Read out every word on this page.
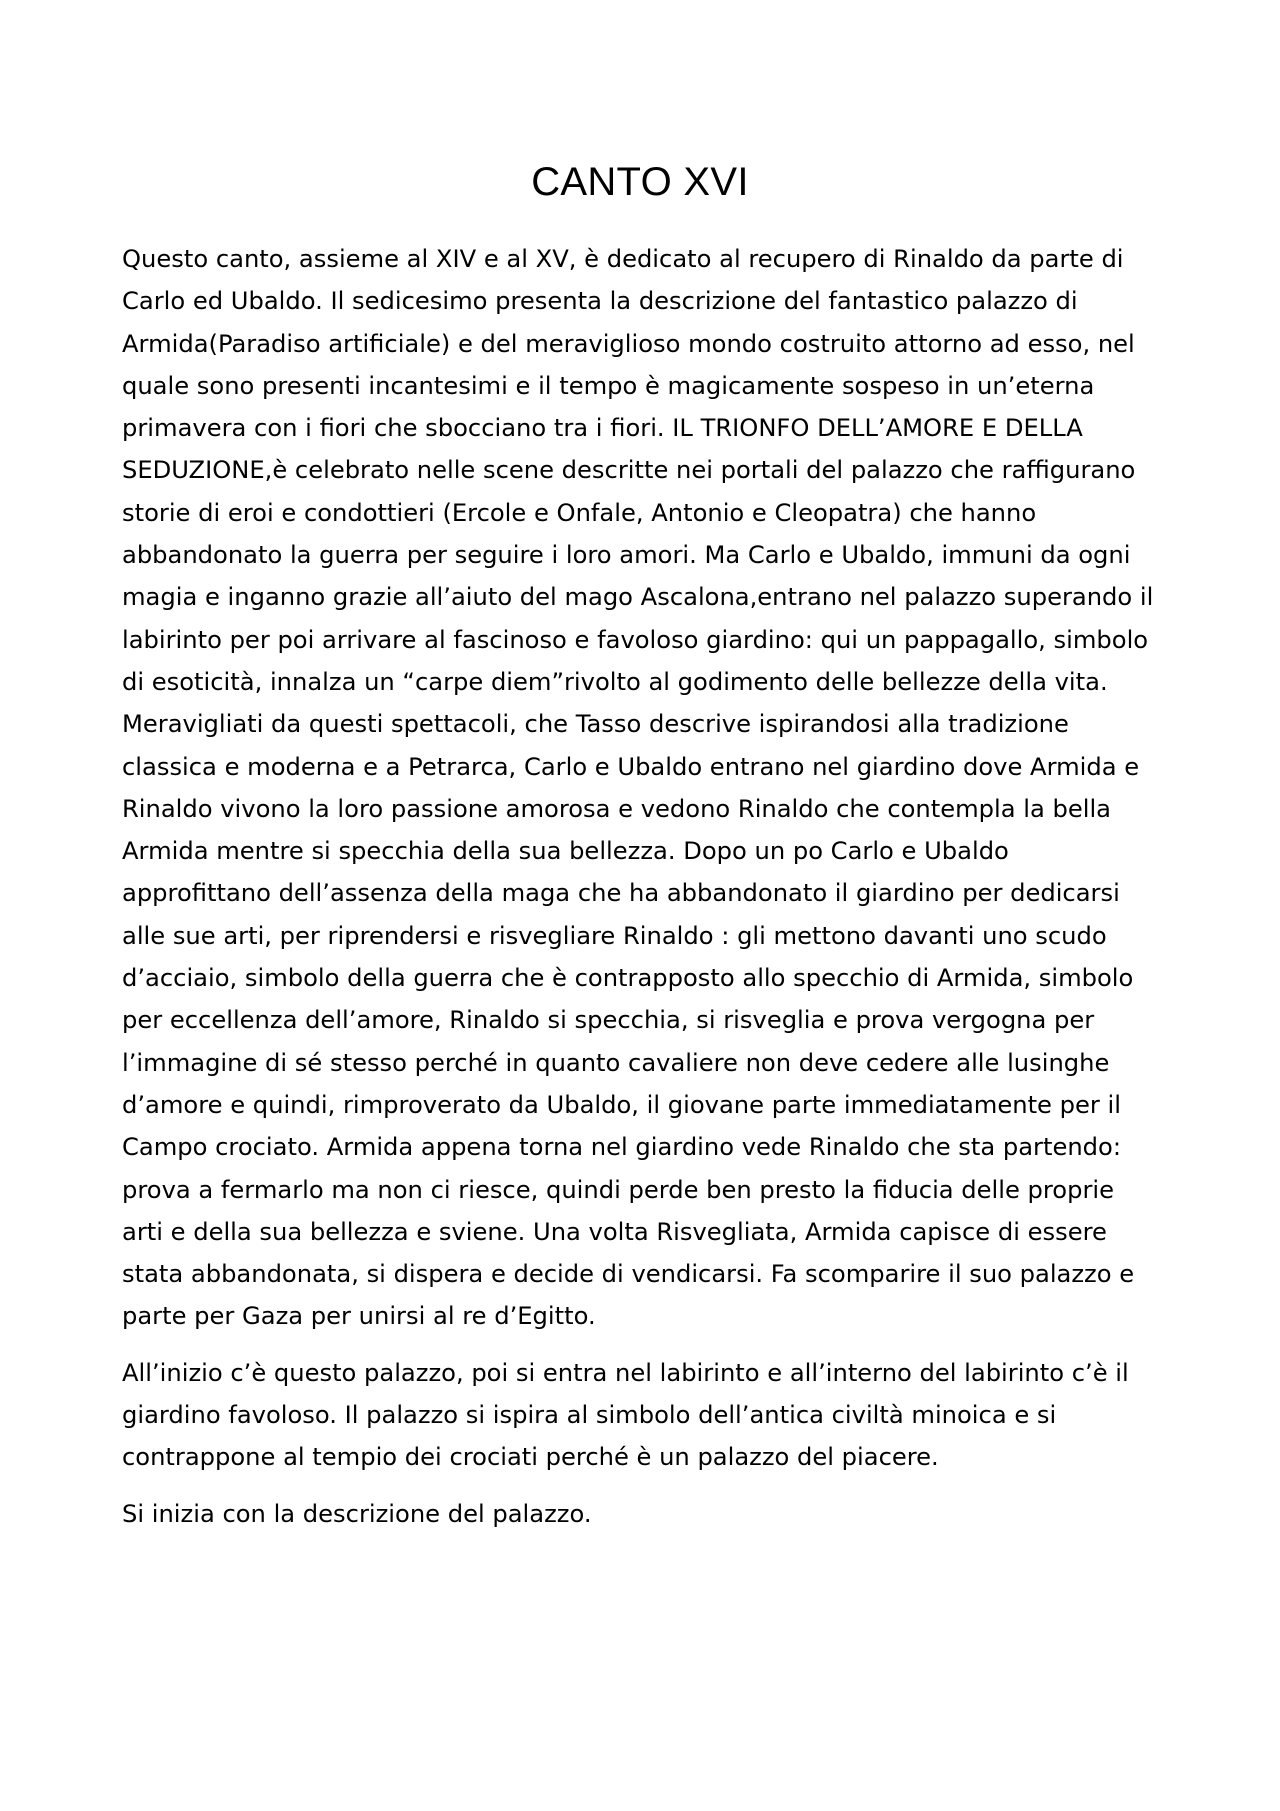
CANTO XVI

Questo canto, assieme al XIV e al XV, è dedicato al recupero di Rinaldo da parte di
Carlo ed Ubaldo. Il sedicesimo presenta la descrizione del fantastico palazzo di
Armida(Paradiso artificiale) e del meraviglioso mondo costruito attorno ad esso, nel
quale sono presenti incantesimi e il tempo è magicamente sospeso in un’eterna
primavera con i fiori che sbocciano tra i fiori. IL TRIONFO DELL’AMORE E DELLA
SEDUZIONE,è celebrato nelle scene descritte nei portali del palazzo che raffigurano
storie di eroi e condottieri (Ercole e Onfale, Antonio e Cleopatra) che hanno
abbandonato la guerra per seguire i loro amori. Ma Carlo e Ubaldo, immuni da ogni
magia e inganno grazie all’aiuto del mago Ascalona,entrano nel palazzo superando il
labirinto per poi arrivare al fascinoso e favoloso giardino: qui un pappagallo, simbolo
di esoticità, innalza un “carpe diem”rivolto al godimento delle bellezze della vita.
Meravigliati da questi spettacoli, che Tasso descrive ispirandosi alla tradizione
classica e moderna e a Petrarca, Carlo e Ubaldo entrano nel giardino dove Armida e
Rinaldo vivono la loro passione amorosa e vedono Rinaldo che contempla la bella
Armida mentre si specchia della sua bellezza. Dopo un po Carlo e Ubaldo
approfittano dell’assenza della maga che ha abbandonato il giardino per dedicarsi
alle sue arti, per riprendersi e risvegliare Rinaldo : gli mettono davanti uno scudo
d’acciaio, simbolo della guerra che è contrapposto allo specchio di Armida, simbolo
per eccellenza dell’amore, Rinaldo si specchia, si risveglia e prova vergogna per
l’immagine di sé stesso perché in quanto cavaliere non deve cedere alle lusinghe
d’amore e quindi, rimproverato da Ubaldo, il giovane parte immediatamente per il
Campo crociato. Armida appena torna nel giardino vede Rinaldo che sta partendo:
prova a fermarlo ma non ci riesce, quindi perde ben presto la fiducia delle proprie
arti e della sua bellezza e sviene. Una volta Risvegliata, Armida capisce di essere
stata abbandonata, si dispera e decide di vendicarsi. Fa scomparire il suo palazzo e
parte per Gaza per unirsi al re d’Egitto.

All’inizio c’è questo palazzo, poi si entra nel labirinto e all’interno del labirinto c’è il
giardino favoloso. Il palazzo si ispira al simbolo dell’antica civiltà minoica e si
contrappone al tempio dei crociati perché è un palazzo del piacere.

Si inizia con la descrizione del palazzo.
